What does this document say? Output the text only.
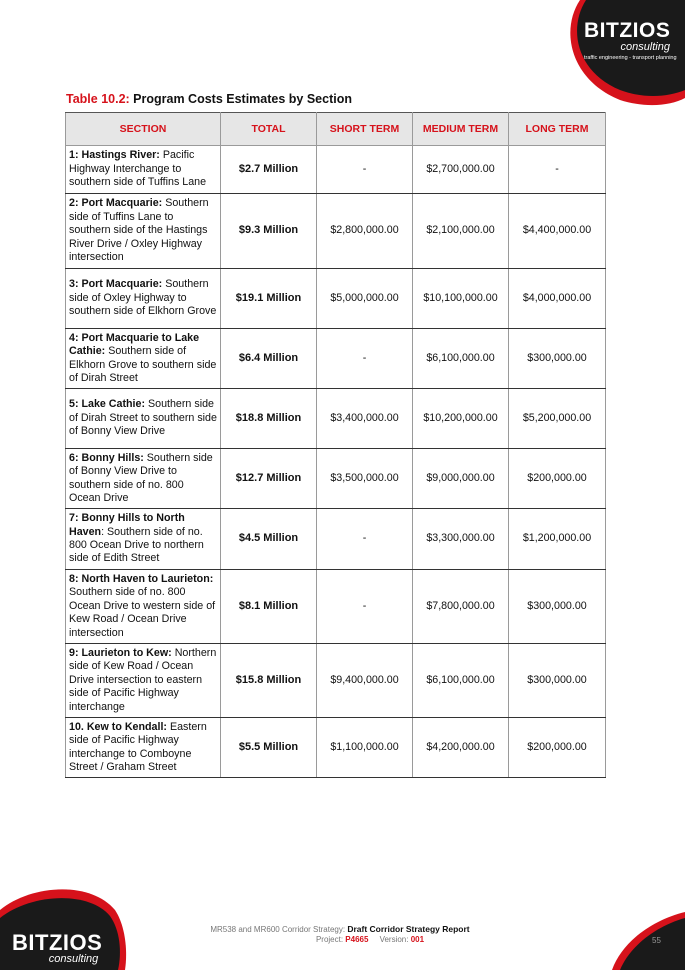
BITZIOS
consulting
traffic engineering - transport planning
Table 10.2: Program Costs Estimates by Section
SECTION	TOTAL	SHORT TERM	MEDIUM TERM	LONG TERM
1: Hastings River: Pacific Highway Interchange to southern side of Tuffins Lane	$2.7 Million	-	$2,700,000.00	-
2: Port Macquarie: Southern side of Tuffins Lane to southern side of the Hastings River Drive / Oxley Highway intersection	$9.3 Million	$2,800,000.00	$2,100,000.00	$4,400,000.00
3: Port Macquarie: Southern side of Oxley Highway to southern side of Elkhorn Grove	$19.1 Million	$5,000,000.00	$10,100,000.00	$4,000,000.00
4: Port Macquarie to Lake Cathie: Southern side of Elkhorn Grove to southern side of Dirah Street	$6.4 Million	-	$6,100,000.00	$300,000.00
5: Lake Cathie: Southern side of Dirah Street to southern side of Bonny View Drive	$18.8 Million	$3,400,000.00	$10,200,000.00	$5,200,000.00
6: Bonny Hills: Southern side of Bonny View Drive to southern side of no. 800 Ocean Drive	$12.7 Million	$3,500,000.00	$9,000,000.00	$200,000.00
7: Bonny Hills to North Haven: Southern side of no. 800 Ocean Drive to northern side of Edith Street	$4.5 Million	-	$3,300,000.00	$1,200,000.00
8: North Haven to Laurieton: Southern side of no. 800 Ocean Drive to western side of Kew Road / Ocean Drive intersection	$8.1 Million	-	$7,800,000.00	$300,000.00
9: Laurieton to Kew: Northern side of Kew Road / Ocean Drive intersection to eastern side of Pacific Highway interchange	$15.8 Million	$9,400,000.00	$6,100,000.00	$300,000.00
10. Kew to Kendall: Eastern side of Pacific Highway interchange to Comboyne Street / Graham Street	$5.5 Million	$1,100,000.00	$4,200,000.00	$200,000.00
BITZIOS
consulting
MR538 and MR600 Corridor Strategy: Draft Corridor Strategy Report
Project: P4665 Version: 001	55
